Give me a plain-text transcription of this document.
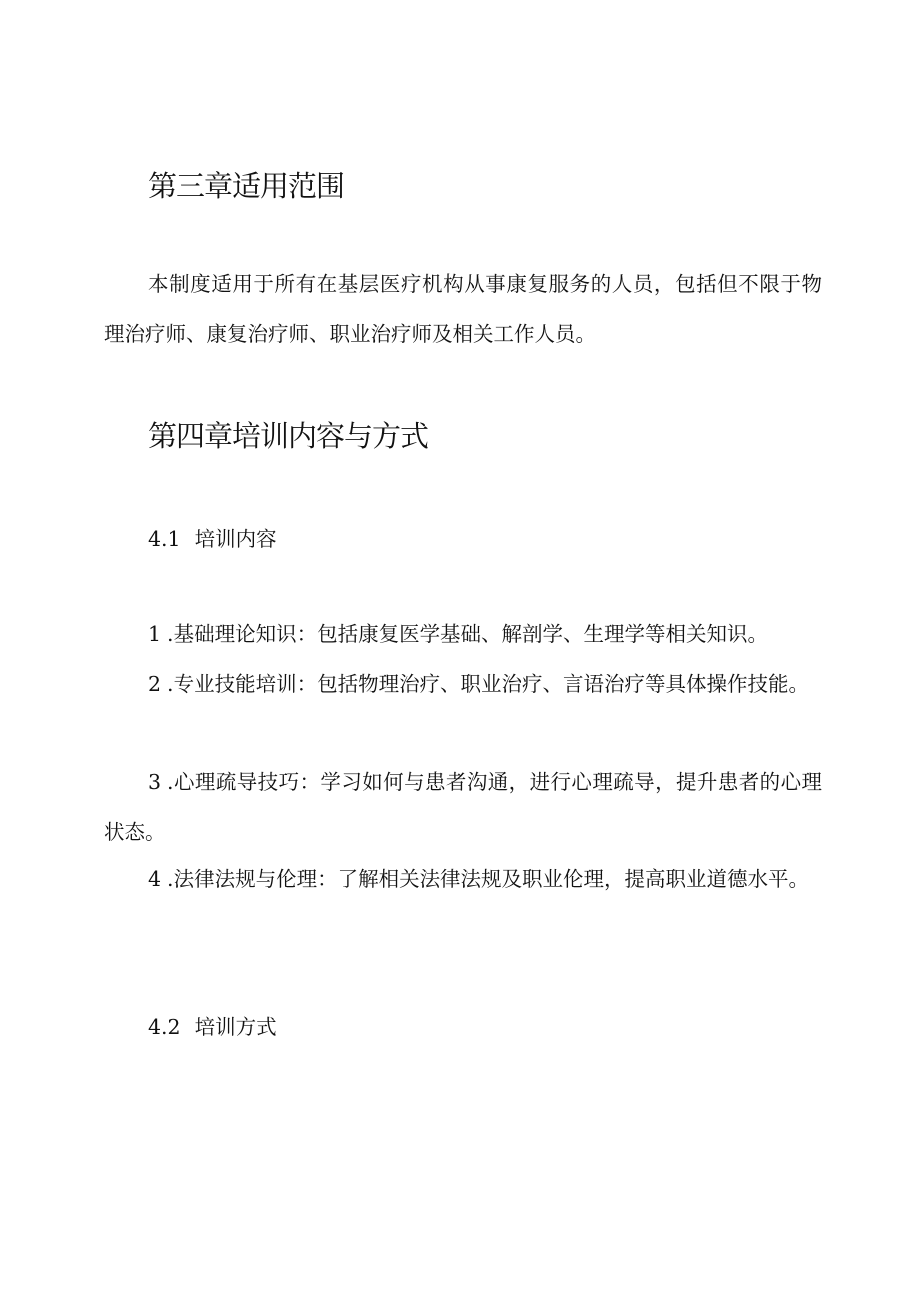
第三章适用范围

本制度适用于所有在基层医疗机构从事康复服务的人员，包括但不限于物理治疗师、康复治疗师、职业治疗师及相关工作人员。

第四章培训内容与方式
4.1 培训内容

1 .基础理论知识：包括康复医学基础、解剖学、生理学等相关知识。

2 .专业技能培训：包括物理治疗、职业治疗、言语治疗等具体操作技能。

3 .心理疏导技巧：学习如何与患者沟通，进行心理疏导，提升患者的心理状态。

4 .法律法规与伦理：了解相关法律法规及职业伦理，提高职业道德水平。

4.2 培训方式
